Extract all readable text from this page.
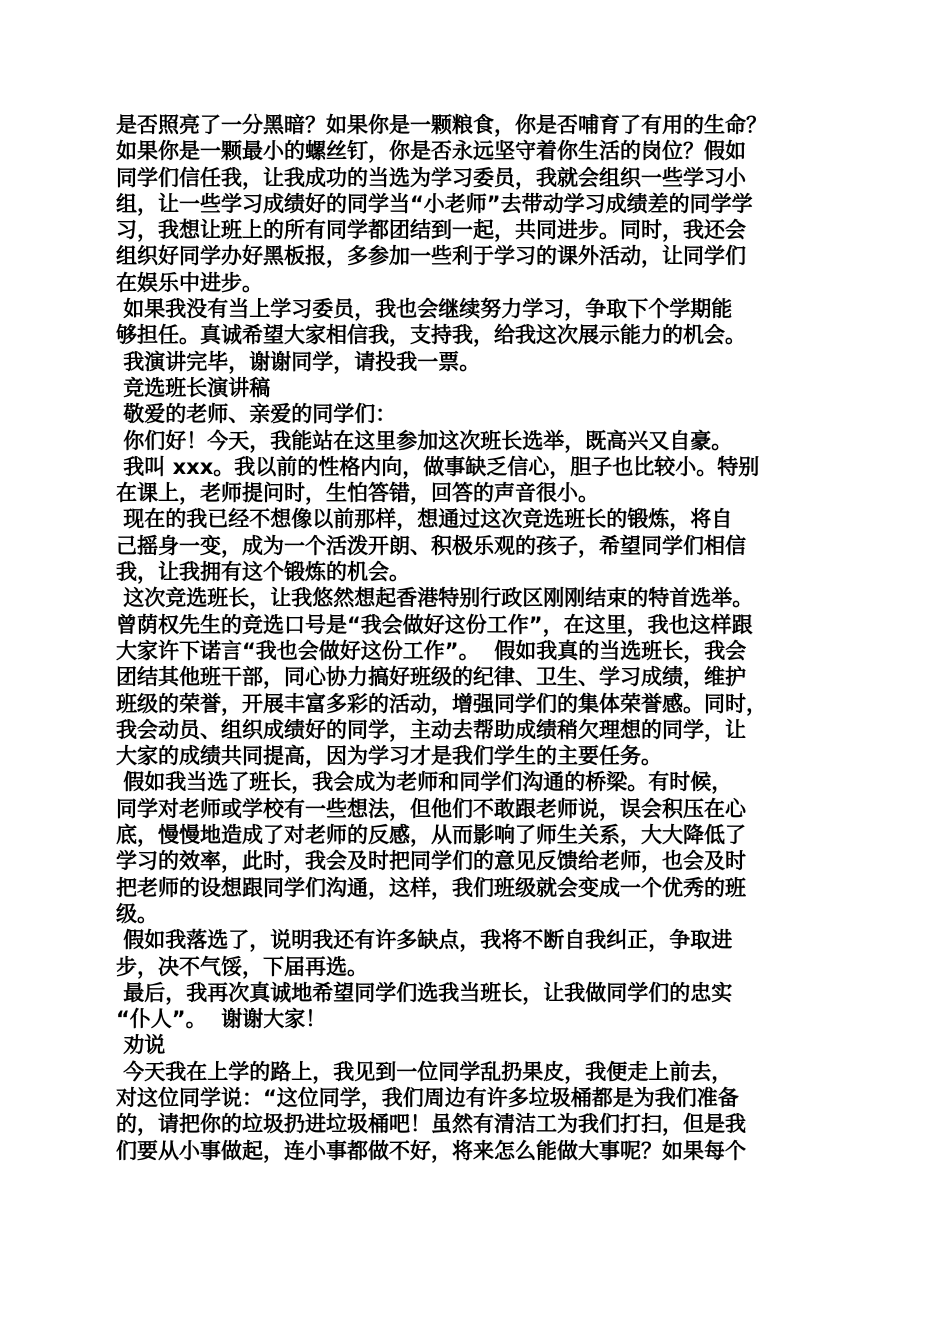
是否照亮了一分黑暗？如果你是一颗粮食，你是否哺育了有用的生命？
如果你是一颗最小的螺丝钉，你是否永远坚守着你生活的岗位？假如
同学们信任我，让我成功的当选为学习委员，我就会组织一些学习小
组，让一些学习成绩好的同学当“小老师”去带动学习成绩差的同学学
习，我想让班上的所有同学都团结到一起，共同进步。同时，我还会
组织好同学办好黑板报，多参加一些利于学习的课外活动，让同学们
在娱乐中进步。
如果我没有当上学习委员，我也会继续努力学习，争取下个学期能
够担任。真诚希望大家相信我，支持我，给我这次展示能力的机会。
我演讲完毕，谢谢同学，请投我一票。
竞选班长演讲稿
敬爱的老师、亲爱的同学们：
你们好！今天，我能站在这里参加这次班长选举，既高兴又自豪。
我叫 xxx。我以前的性格内向，做事缺乏信心，胆子也比较小。特别
在课上，老师提问时，生怕答错，回答的声音很小。
现在的我已经不想像以前那样，想通过这次竞选班长的锻炼，将自
己摇身一变，成为一个活泼开朗、积极乐观的孩子，希望同学们相信
我，让我拥有这个锻炼的机会。
这次竞选班长，让我悠然想起香港特别行政区刚刚结束的特首选举。
曾荫权先生的竞选口号是“我会做好这份工作”，在这里，我也这样跟
大家许下诺言“我也会做好这份工作”。  假如我真的当选班长，我会
团结其他班干部，同心协力搞好班级的纪律、卫生、学习成绩，维护
班级的荣誉，开展丰富多彩的活动，增强同学们的集体荣誉感。同时，
我会动员、组织成绩好的同学，主动去帮助成绩稍欠理想的同学，让
大家的成绩共同提高，因为学习才是我们学生的主要任务。
假如我当选了班长，我会成为老师和同学们沟通的桥梁。有时候，
同学对老师或学校有一些想法，但他们不敢跟老师说，误会积压在心
底，慢慢地造成了对老师的反感，从而影响了师生关系，大大降低了
学习的效率，此时，我会及时把同学们的意见反馈给老师，也会及时
把老师的设想跟同学们沟通，这样，我们班级就会变成一个优秀的班
级。
假如我落选了，说明我还有许多缺点，我将不断自我纠正，争取进
步，决不气馁，下届再选。
最后，我再次真诚地希望同学们选我当班长，让我做同学们的忠实
“仆人”。  谢谢大家！
劝说
今天我在上学的路上，我见到一位同学乱扔果皮，我便走上前去，
对这位同学说：“这位同学，我们周边有许多垃圾桶都是为我们准备
的，请把你的垃圾扔进垃圾桶吧！虽然有清洁工为我们打扫，但是我
们要从小事做起，连小事都做不好，将来怎么能做大事呢？如果每个
